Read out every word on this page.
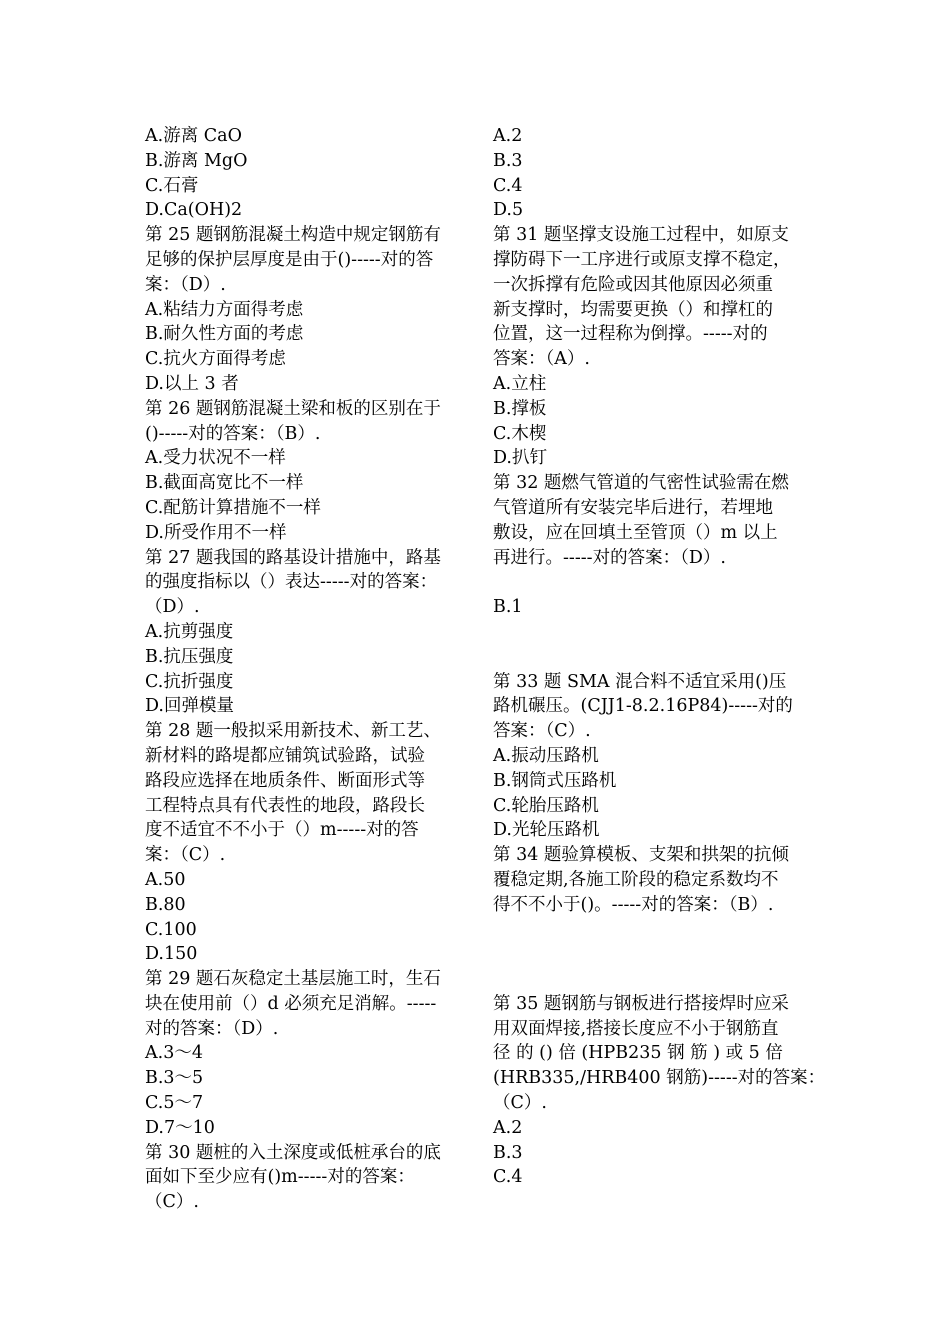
A.游离 CaO
B.游离 MgO
C.石膏
D.Ca(OH)2
第 25 题钢筋混凝土构造中规定钢筋有
足够的保护层厚度是由于()-----对的答
案：（D）.
A.粘结力方面得考虑
B.耐久性方面的考虑
C.抗火方面得考虑
D.以上 3 者
第 26 题钢筋混凝土梁和板的区别在于
()-----对的答案：（B）.
A.受力状况不一样
B.截面高宽比不一样
C.配筋计算措施不一样
D.所受作用不一样
第 27 题我国的路基设计措施中，路基
的强度指标以（）表达-----对的答案：
（D）.
A.抗剪强度
B.抗压强度
C.抗折强度
D.回弹模量
第 28 题一般拟采用新技术、新工艺、
新材料的路堤都应铺筑试验路，试验
路段应选择在地质条件、断面形式等
工程特点具有代表性的地段，路段长
度不适宜不不小于（）m-----对的答
案：（C）.
A.50
B.80
C.100
D.150
第 29 题石灰稳定土基层施工时，生石
块在使用前（）d 必须充足消解。-----
对的答案：（D）.
A.3～4
B.3～5
C.5～7
D.7～10
第 30 题桩的入土深度或低桩承台的底
面如下至少应有()m-----对的答案：
（C）.
A.2
B.3
C.4
D.5
第 31 题坚撑支设施工过程中，如原支
撑防碍下一工序进行或原支撑不稳定，
一次拆撑有危险或因其他原因必须重
新支撑时，均需要更换（）和撑杠的
位置，这一过程称为倒撑。-----对的
答案：（A）.
A.立柱
B.撑板
C.木楔
D.扒钉
第 32 题燃气管道的气密性试验需在燃
气管道所有安装完毕后进行，若埋地
敷设，应在回填土至管顶（）m 以上
再进行。-----对的答案：（D）.
B.1
第 33 题 SMA 混合料不适宜采用()压
路机碾压。(CJJ1-8.2.16P84)-----对的
答案：（C）.
A.振动压路机
B.钢筒式压路机
C.轮胎压路机
D.光轮压路机
第 34 题验算模板、支架和拱架的抗倾
覆稳定期,各施工阶段的稳定系数均不
得不不小于()。-----对的答案：（B）.
第 35 题钢筋与钢板进行搭接焊时应采
用双面焊接,搭接长度应不小于钢筋直
径 的 () 倍 (HPB235 钢 筋 ) 或 5 倍
(HRB335,/HRB400 钢筋)-----对的答案：
（C）.
A.2
B.3
C.4
